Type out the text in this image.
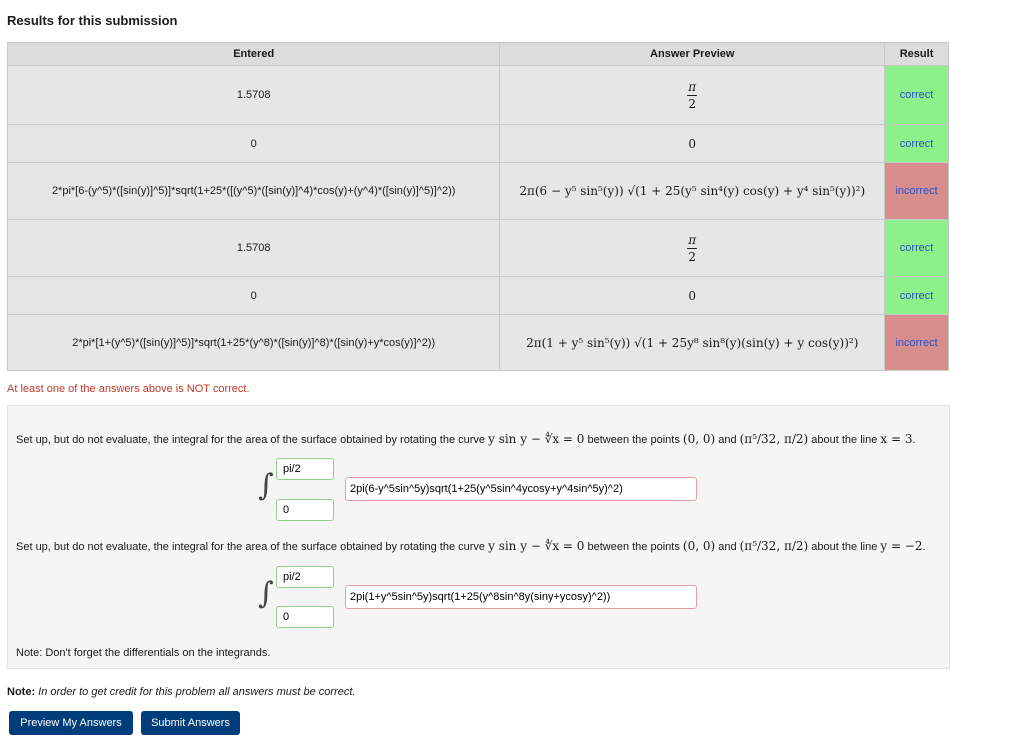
Results for this submission
Entered	Answer Preview	Result
1.5708	$\frac{\pi}{2}$	correct
0	0	correct
2*pi*[6-(y^5)*([sin(y)]^5)]*sqrt(1+25*([(y^5)*([sin(y)]^4)*cos(y)+(y^4)*([sin(y)]^5)]^2))	2π(6 − y⁵ sin⁵(y)) √(1 + 25(y⁵ sin⁴(y) cos(y) + y⁴ sin⁵(y))²)	incorrect
1.5708	$\frac{\pi}{2}$	correct
0	0	correct
2*pi*[1+(y^5)*([sin(y)]^5)]*sqrt(1+25*(y^8)*([sin(y)]^8)*([sin(y)+y*cos(y)]^2))	2π(1 + y⁵ sin⁵(y)) √(1 + 25y⁸ sin⁸(y)(sin(y) + y cos(y))²)	incorrect
At least one of the answers above is NOT correct.
Set up, but do not evaluate, the integral for the area of the surface obtained by rotating the curve y sin y − ∜x = 0 between the points (0, 0) and (π⁵/32, π/2) about the line x = 3.
∫
pi/2
0
2pi(6-y^5sin^5y)sqrt(1+25(y^5sin^4ycosy+y^4sin^5y)^2)
Set up, but do not evaluate, the integral for the area of the surface obtained by rotating the curve y sin y − ∜x = 0 between the points (0, 0) and (π⁵/32, π/2) about the line y = −2.
∫
pi/2
0
2pi(1+y^5sin^5y)sqrt(1+25(y^8sin^8y(siny+ycosy)^2))
Note: Don't forget the differentials on the integrands.
Note: In order to get credit for this problem all answers must be correct.
Preview My Answers	Submit Answers
